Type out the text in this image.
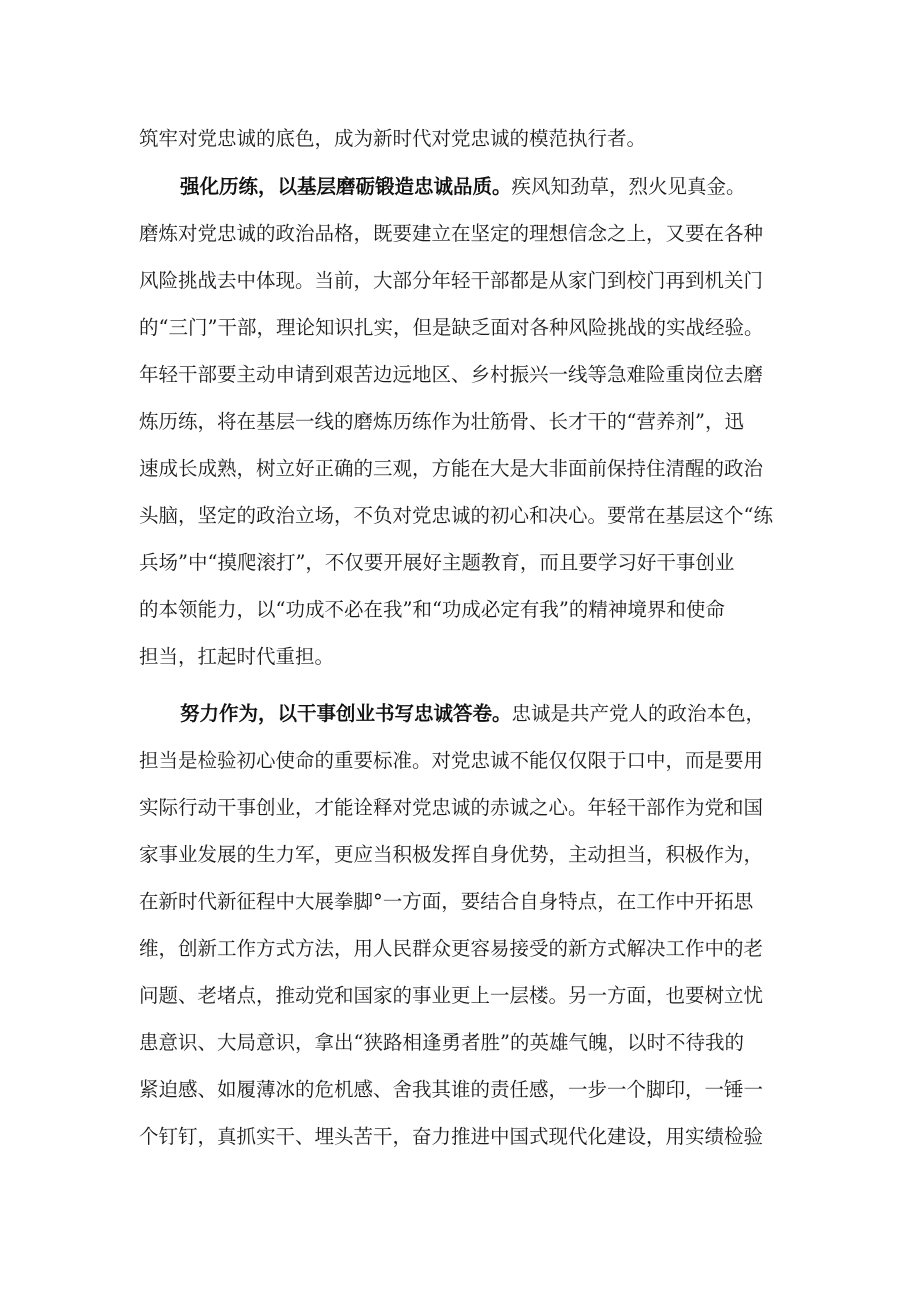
筑牢对党忠诚的底色，成为新时代对党忠诚的模范执行者。
强化历练，以基层磨砺锻造忠诚品质。疾风知劲草，烈火见真金。
磨炼对党忠诚的政治品格，既要建立在坚定的理想信念之上，又要在各种
风险挑战去中体现。当前，大部分年轻干部都是从家门到校门再到机关门
的“三门”干部，理论知识扎实，但是缺乏面对各种风险挑战的实战经验。
年轻干部要主动申请到艰苦边远地区、乡村振兴一线等急难险重岗位去磨
炼历练，将在基层一线的磨炼历练作为壮筋骨、长才干的“营养剂”，迅
速成长成熟，树立好正确的三观，方能在大是大非面前保持住清醒的政治
头脑，坚定的政治立场，不负对党忠诚的初心和决心。要常在基层这个“练
兵场”中“摸爬滚打”，不仅要开展好主题教育，而且要学习好干事创业
的本领能力，以“功成不必在我”和“功成必定有我”的精神境界和使命
担当，扛起时代重担。
努力作为，以干事创业书写忠诚答卷。忠诚是共产党人的政治本色，
担当是检验初心使命的重要标准。对党忠诚不能仅仅限于口中，而是要用
实际行动干事创业，才能诠释对党忠诚的赤诚之心。年轻干部作为党和国
家事业发展的生力军，更应当积极发挥自身优势，主动担当，积极作为，
在新时代新征程中大展拳脚°一方面，要结合自身特点，在工作中开拓思
维，创新工作方式方法，用人民群众更容易接受的新方式解决工作中的老
问题、老堵点，推动党和国家的事业更上一层楼。另一方面，也要树立忧
患意识、大局意识，拿出“狭路相逢勇者胜”的英雄气魄，以时不待我的
紧迫感、如履薄冰的危机感、舍我其谁的责任感，一步一个脚印，一锤一
个钉钉，真抓实干、埋头苦干，奋力推进中国式现代化建设，用实绩检验
